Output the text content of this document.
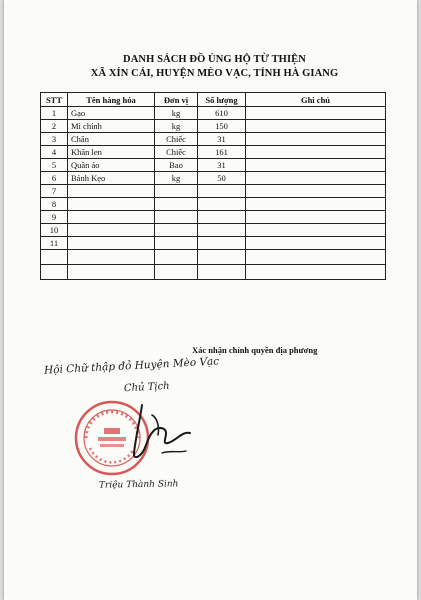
DANH SÁCH ĐỒ ỦNG HỘ TỪ THIỆN
XÃ XÍN CÁI, HUYỆN MÈO VẠC, TỈNH HÀ GIANG
STT	Tên hàng hóa	Đơn vị	Số lượng	Ghi chú
1	Gạo	kg	610	
2	Mì chính	kg	150	
3	Chăn	Chiếc	31	
4	Khăn len	Chiếc	161	
5	Quần áo	Bao	31	
6	Bánh Kẹo	kg	50	
7				
8				
9				
10				
11				

Xác nhận chính quyền địa phương
Hội Chữ thập đỏ Huyện Mèo Vạc
Chủ Tịch
Triệu Thành Sinh
